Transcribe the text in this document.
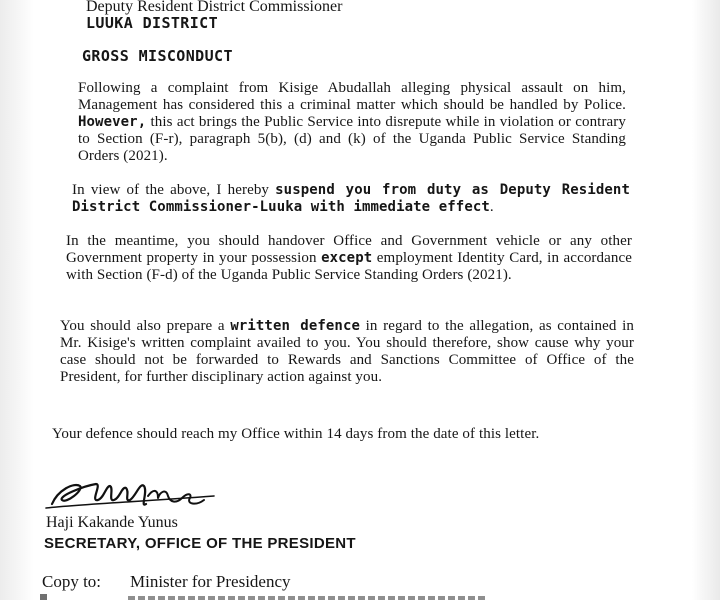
Deputy Resident District Commissioner
LUUKA DISTRICT
GROSS MISCONDUCT
Following a complaint from Kisige Abudallah alleging physical assault on him, Management has considered this a criminal matter which should be handled by Police. However, this act brings the Public Service into disrepute while in violation or contrary to Section (F-r), paragraph 5(b), (d) and (k) of the Uganda Public Service Standing Orders (2021).
In view of the above, I hereby suspend you from duty as Deputy Resident District Commissioner-Luuka with immediate effect.
In the meantime, you should handover Office and Government vehicle or any other Government property in your possession except employment Identity Card, in accordance with Section (F-d) of the Uganda Public Service Standing Orders (2021).
You should also prepare a written defence in regard to the allegation, as contained in Mr. Kisige's written complaint availed to you. You should therefore, show cause why your case should not be forwarded to Rewards and Sanctions Committee of Office of the President, for further disciplinary action against you.
Your defence should reach my Office within 14 days from the date of this letter.
Haji Kakande Yunus
SECRETARY, OFFICE OF THE PRESIDENT
Copy to: Minister for Presidency
